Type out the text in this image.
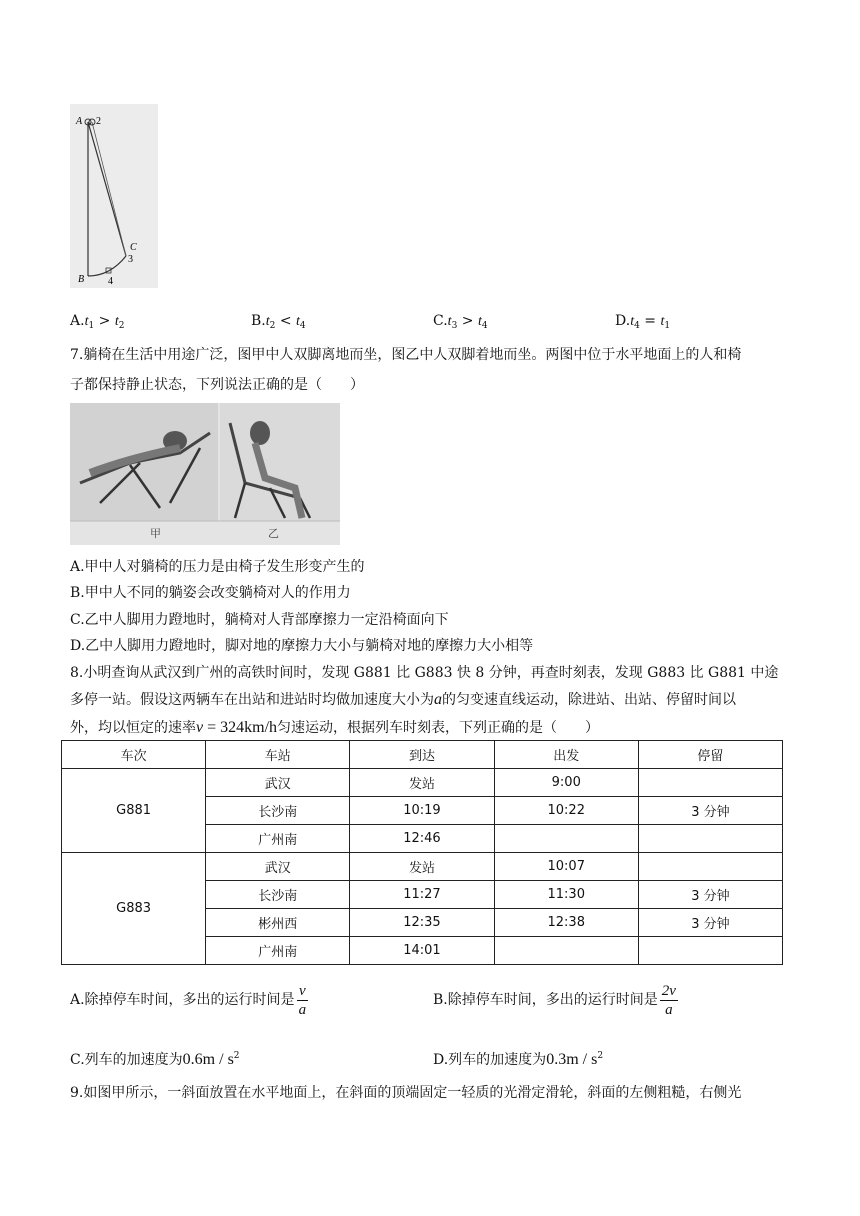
A 2
C
3
B 4
$A.t_1 > t_2$	$B.t_2 < t_4$	$C.t_3 > t_4$	$D.t_4 = t_1$
7.躺椅在生活中用途广泛，图甲中人双脚离地而坐，图乙中人双脚着地而坐。两图中位于水平地面上的人和椅
子都保持静止状态，下列说法正确的是（　　）
甲	乙
A.甲中人对躺椅的压力是由椅子发生形变产生的
B.甲中人不同的躺姿会改变躺椅对人的作用力
C.乙中人脚用力蹬地时，躺椅对人背部摩擦力一定沿椅面向下
D.乙中人脚用力蹬地时，脚对地的摩擦力大小与躺椅对地的摩擦力大小相等
8.小明查询从武汉到广州的高铁时间时，发现 G881 比 G883 快 8 分钟，再查时刻表，发现 G883 比 G881 中途
多停一站。假设这两辆车在出站和进站时均做加速度大小为a的匀变速直线运动，除进站、出站、停留时间以
外，均以恒定的速率v = 324km/h匀速运动，根据列车时刻表，下列正确的是（　　）
车次	车站	到达	出发	停留
G881	武汉	发站	9:00	
	长沙南	10:19	10:22	3 分钟
	广州南	12:46		
G883	武汉	发站	10:07	
	长沙南	11:27	11:30	3 分钟
	彬州西	12:35	12:38	3 分钟
	广州南	14:01		
A.除掉停车时间，多出的运行时间是 $\frac{v}{a}$	B.除掉停车时间，多出的运行时间是 $\frac{2v}{a}$
C.列车的加速度为$0.6m / s^2$	D.列车的加速度为$0.3m / s^2$
9.如图甲所示，一斜面放置在水平地面上，在斜面的顶端固定一轻质的光滑定滑轮，斜面的左侧粗糙，右侧光
